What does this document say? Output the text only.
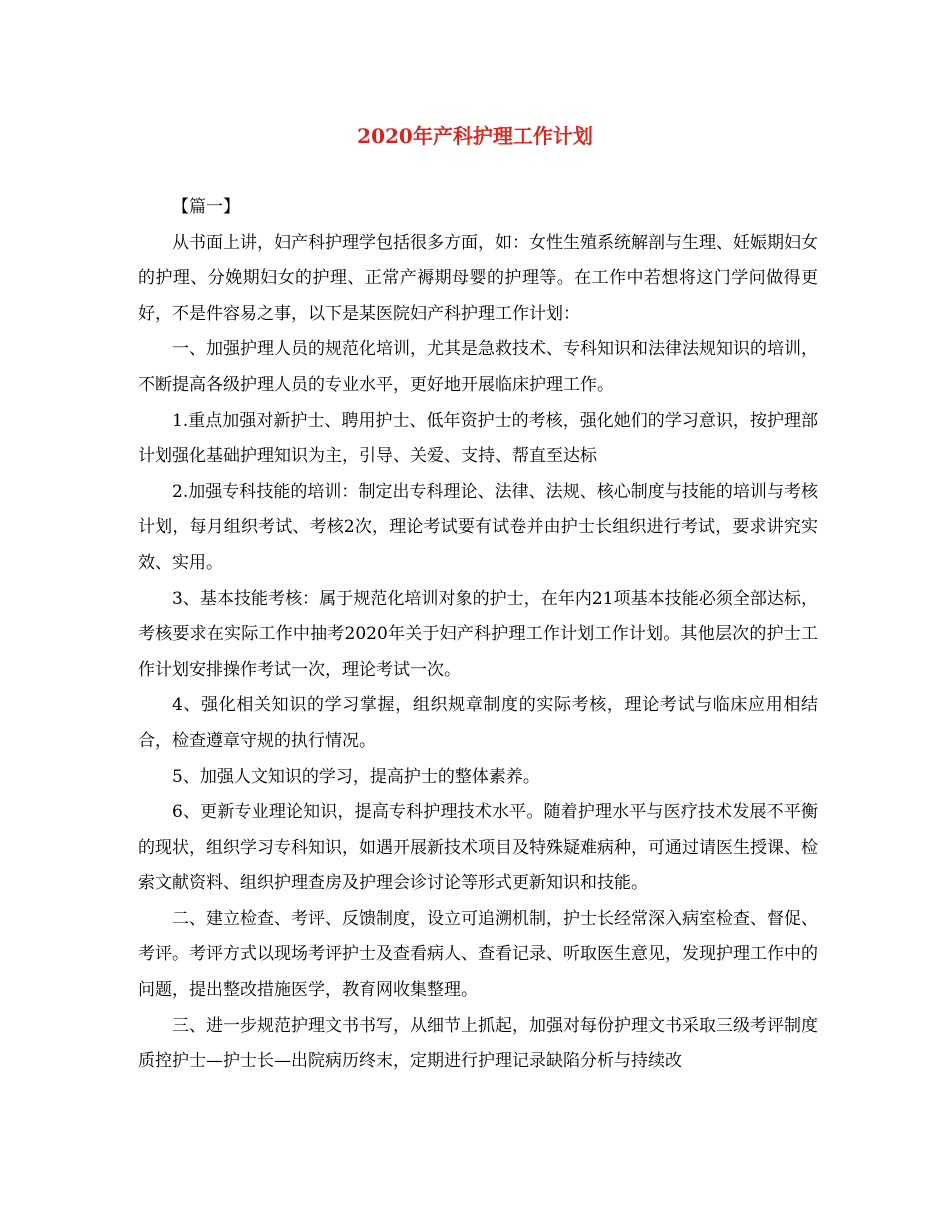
2020年产科护理工作计划

【篇一】

从书面上讲，妇产科护理学包括很多方面，如：女性生殖系统解剖与生理、妊娠期妇女的护理、分娩期妇女的护理、正常产褥期母婴的护理等。在工作中若想将这门学问做得更好，不是件容易之事，以下是某医院妇产科护理工作计划：

一、加强护理人员的规范化培训，尤其是急救技术、专科知识和法律法规知识的培训，不断提高各级护理人员的专业水平，更好地开展临床护理工作。

1.重点加强对新护士、聘用护士、低年资护士的考核，强化她们的学习意识，按护理部计划强化基础护理知识为主，引导、关爱、支持、帮直至达标

2.加强专科技能的培训：制定出专科理论、法律、法规、核心制度与技能的培训与考核计划，每月组织考试、考核2次，理论考试要有试卷并由护士长组织进行考试，要求讲究实效、实用。

3、基本技能考核：属于规范化培训对象的护士，在年内21项基本技能必须全部达标，考核要求在实际工作中抽考2020年关于妇产科护理工作计划工作计划。其他层次的护士工作计划安排操作考试一次，理论考试一次。

4、强化相关知识的学习掌握，组织规章制度的实际考核，理论考试与临床应用相结合，检查遵章守规的执行情况。

5、加强人文知识的学习，提高护士的整体素养。

6、更新专业理论知识，提高专科护理技术水平。随着护理水平与医疗技术发展不平衡的现状，组织学习专科知识，如遇开展新技术项目及特殊疑难病种，可通过请医生授课、检索文献资料、组织护理查房及护理会诊讨论等形式更新知识和技能。

二、建立检查、考评、反馈制度，设立可追溯机制，护士长经常深入病室检查、督促、考评。考评方式以现场考评护士及查看病人、查看记录、听取医生意见，发现护理工作中的问题，提出整改措施医学，教育网收集整理。

三、进一步规范护理文书书写，从细节上抓起，加强对每份护理文书采取三级考评制度质控护士—护士长—出院病历终末，定期进行护理记录缺陷分析与持续改
